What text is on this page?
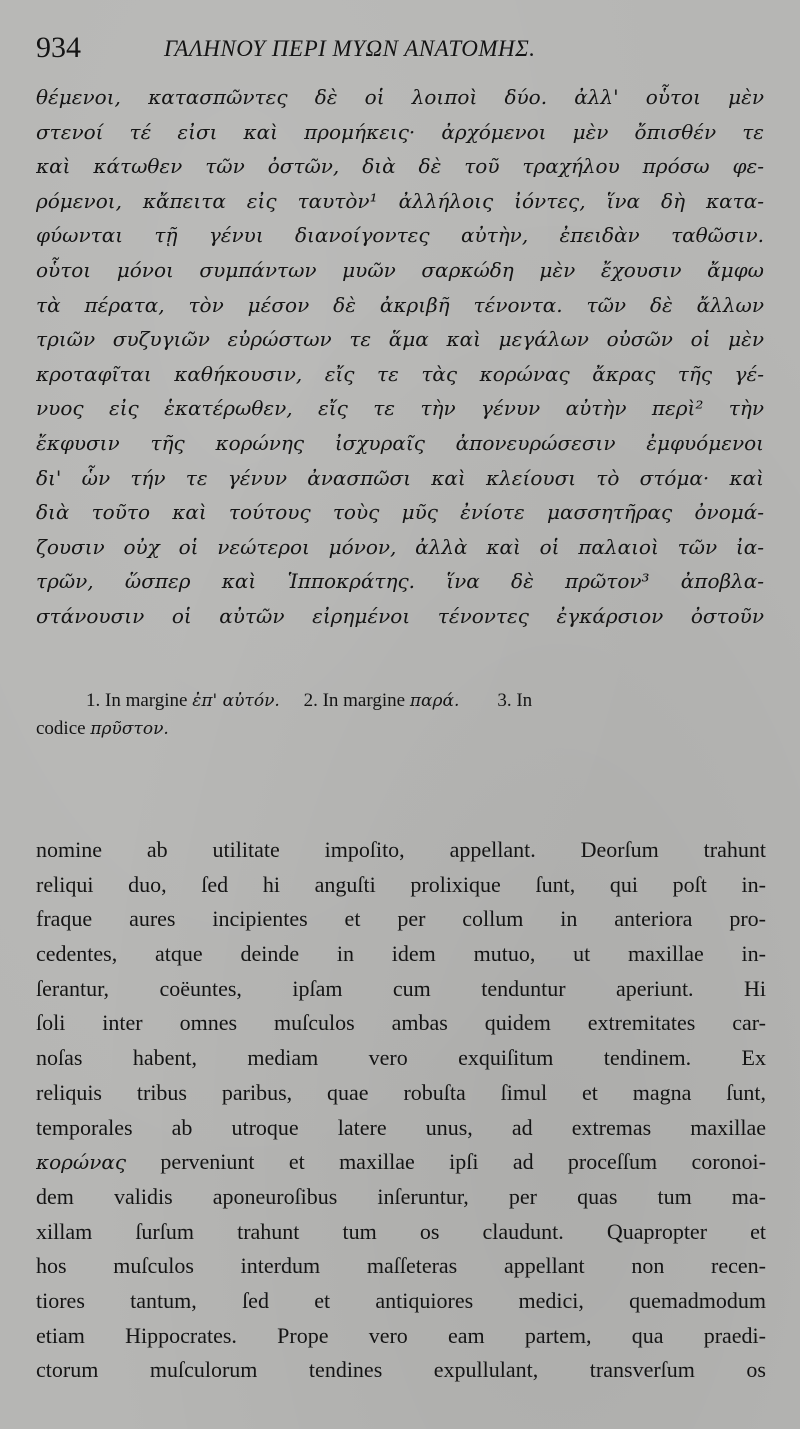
934	ΓΑΛΗΝΟΥ ΠΕΡΙ ΜΥΩΝ ΑΝΑΤΟΜΗΣ.
θέμενοι, κατασπῶντες δὲ οἱ λοιποὶ δύο. ἀλλ' οὗτοι μὲν
στενοί τέ εἰσι καὶ προμήκεις· ἀρχόμενοι μὲν ὄπισθέν τε
καὶ κάτωθεν τῶν ὀστῶν, διὰ δὲ τοῦ τραχήλου πρόσω φε-
ρόμενοι, κἄπειτα εἰς ταυτὸν¹ ἀλλήλοις ἰόντες, ἵνα δὴ κατα-
φύωνται τῇ γένυι διανοίγοντες αὐτὴν, ἐπειδὰν ταθῶσιν.
οὗτοι μόνοι συμπάντων μυῶν σαρκώδη μὲν ἔχουσιν ἄμφω
τὰ πέρατα, τὸν μέσον δὲ ἀκριβῆ τένοντα. τῶν δὲ ἄλλων
τριῶν συζυγιῶν εὐρώστων τε ἅμα καὶ μεγάλων οὐσῶν οἱ μὲν
κροταφῖται καθήκουσιν, εἴς τε τὰς κορώνας ἄκρας τῆς γέ-
νυος εἰς ἑκατέρωθεν, εἴς τε τὴν γένυν αὐτὴν περὶ² τὴν
ἔκφυσιν τῆς κορώνης ἰσχυραῖς ἀπονευρώσεσιν ἐμφυόμενοι
δι' ὧν τήν τε γένυν ἀνασπῶσι καὶ κλείουσι τὸ στόμα· καὶ
διὰ τοῦτο καὶ τούτους τοὺς μῦς ἐνίοτε μασσητῆρας ὀνομά-
ζουσιν οὐχ οἱ νεώτεροι μόνον, ἀλλὰ καὶ οἱ παλαιοὶ τῶν ἰα-
τρῶν, ὥσπερ καὶ Ἱπποκράτης. ἵνα δὲ πρῶτον³ ἀποβλα-
στάνουσιν οἱ αὐτῶν εἰρημένοι τένοντες ἐγκάρσιον ὀστοῦν
1. In margine ἐπ' αὐτόν. 2. In margine παρά. 3. In
codice πρῦστον.
nomine ab utilitate impoſito, appellant. Deorſum trahunt
reliqui duo, ſed hi anguſti prolixique ſunt, qui poſt in-
fraque aures incipientes et per collum in anteriora pro-
cedentes, atque deinde in idem mutuo, ut maxillae in-
ſerantur, coëuntes, ipſam cum tenduntur aperiunt. Hi
ſoli inter omnes muſculos ambas quidem extremitates car-
noſas habent, mediam vero exquiſitum tendinem. Ex
reliquis tribus paribus, quae robuſta ſimul et magna ſunt,
temporales ab utroque latere unus, ad extremas maxillae
κορώνας perveniunt et maxillae ipſi ad proceſſum coronoi-
dem validis aponeuroſibus inſeruntur, per quas tum ma-
xillam ſurſum trahunt tum os claudunt. Quapropter et
hos muſculos interdum maſſeteras appellant non recen-
tiores tantum, ſed et antiquiores medici, quemadmodum
etiam Hippocrates. Prope vero eam partem, qua praedi-
ctorum muſculorum tendines expullulant, transverſum os
